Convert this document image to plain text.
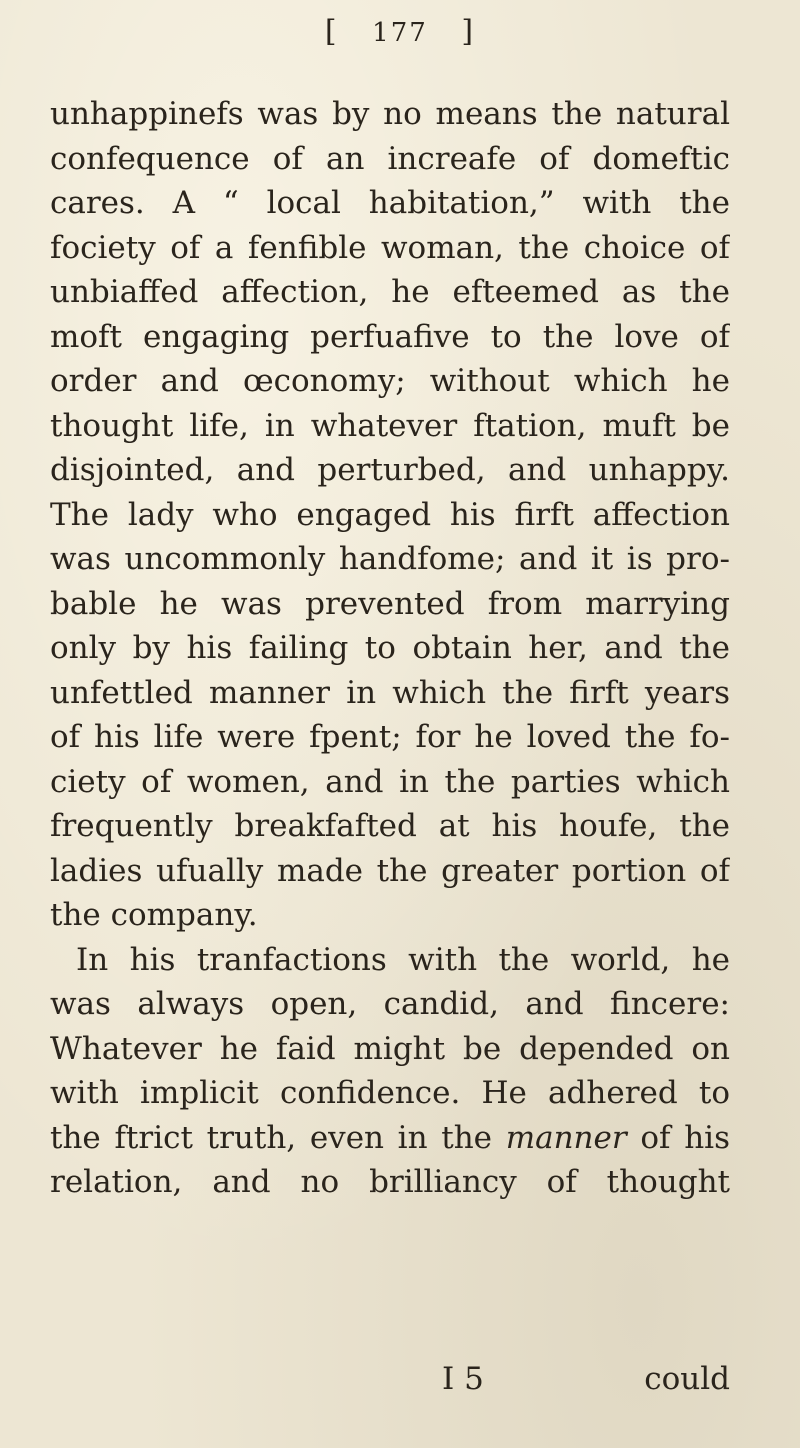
[ 177 ]
unhappinefs was by no means the natural
confequence of an increafe of domeftic
cares. A “ local habitation,” with the
fociety of a fenfible woman, the choice of
unbiaffed affection, he efteemed as the
moft engaging perfuafive to the love of
order and œconomy; without which he
thought life, in whatever ftation, muft be
disjointed, and perturbed, and unhappy.
The lady who engaged his firft affection
was uncommonly handfome; and it is pro-
bable he was prevented from marrying
only by his failing to obtain her, and the
unfettled manner in which the firft years
of his life were fpent; for he loved the fo-
ciety of women, and in the parties which
frequently breakfafted at his houfe, the
ladies ufually made the greater portion of
the company.
In his tranfactions with the world, he
was always open, candid, and fincere:
Whatever he faid might be depended on
with implicit confidence. He adhered to
the ftrict truth, even in the manner of his
relation, and no brilliancy of thought
I 5	could
